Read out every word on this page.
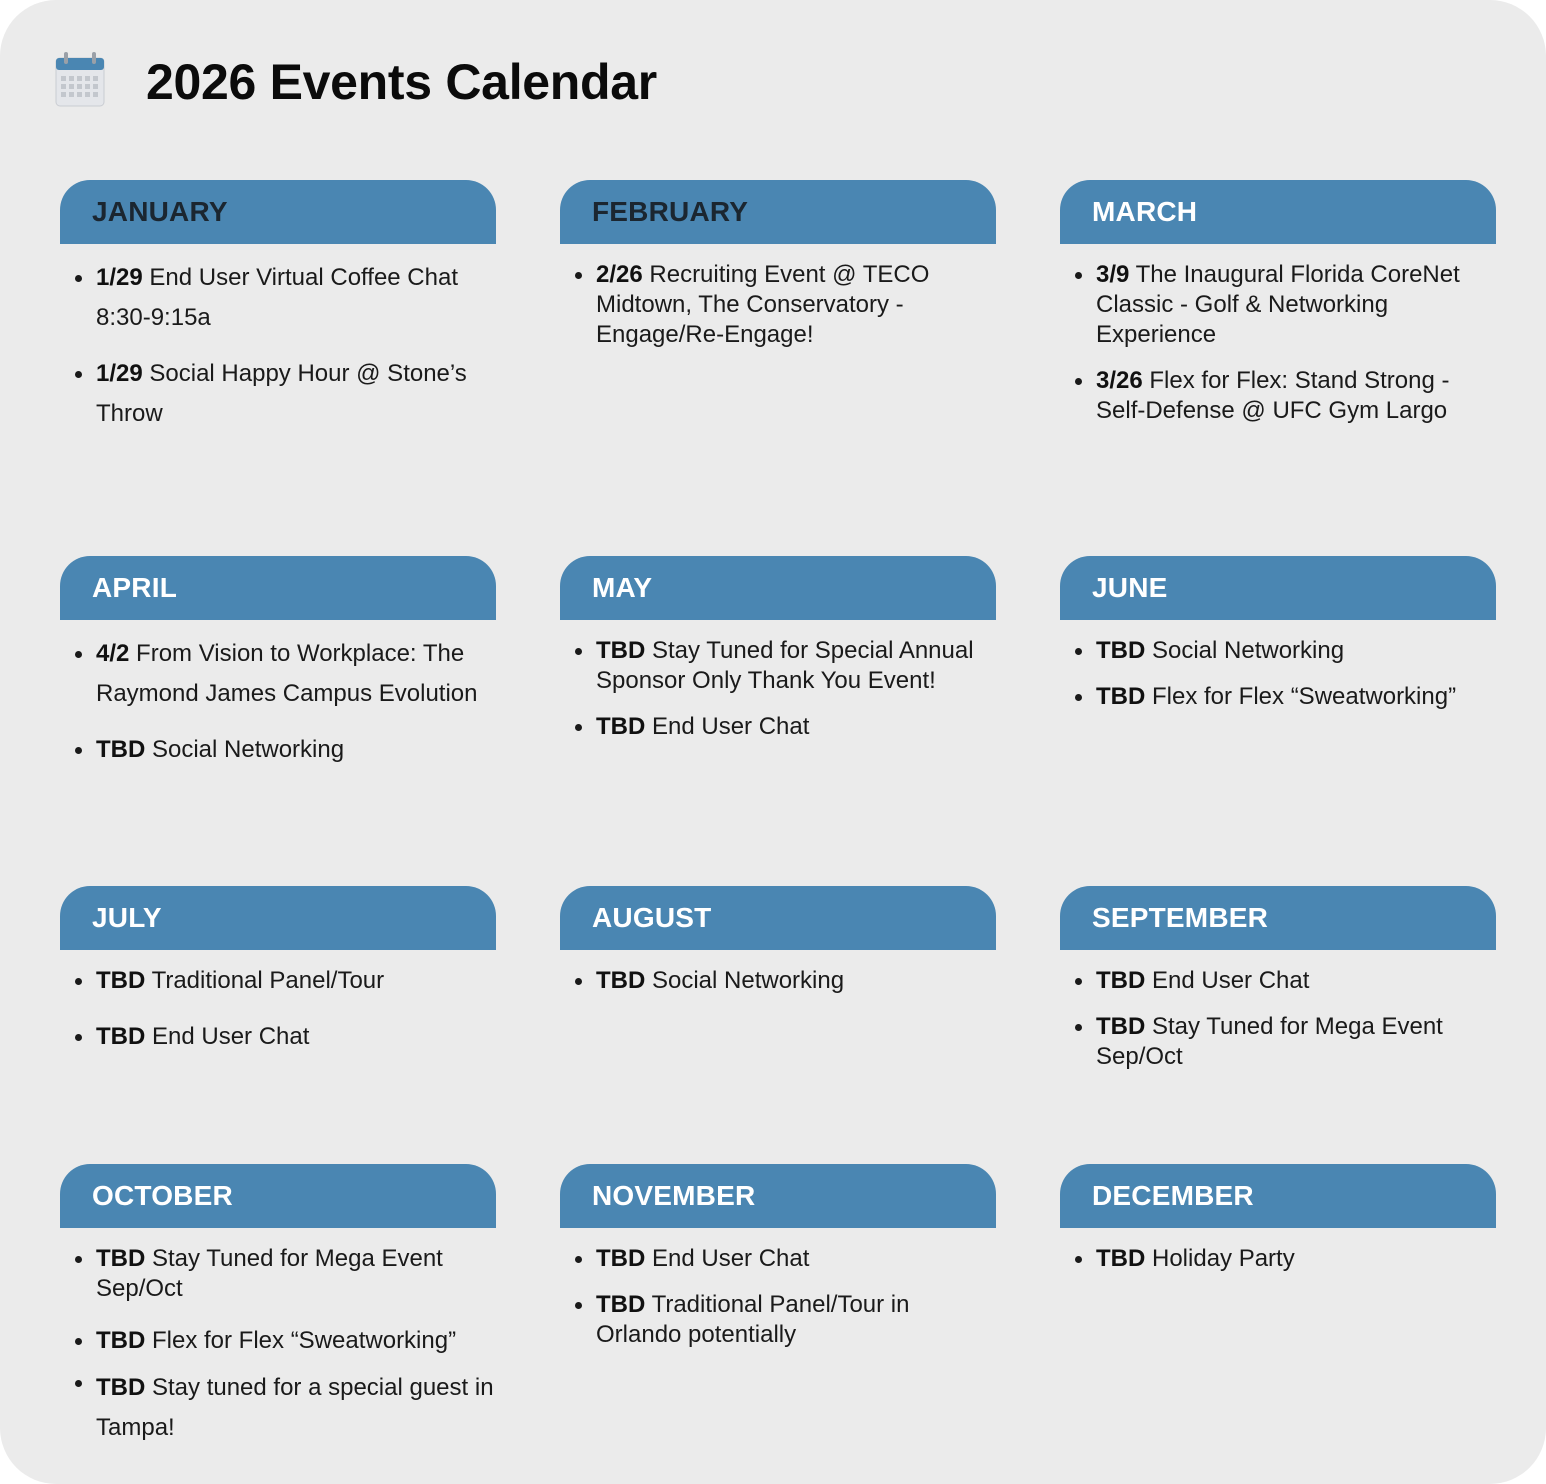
2026 Events Calendar
JANUARY
1/29 End User Virtual Coffee Chat 8:30-9:15a
1/29 Social Happy Hour @ Stone’s Throw
FEBRUARY
2/26 Recruiting Event @ TECO Midtown, The Conservatory - Engage/Re-Engage!
MARCH
3/9 The Inaugural Florida CoreNet Classic - Golf & Networking Experience
3/26 Flex for Flex: Stand Strong - Self-Defense @ UFC Gym Largo
APRIL
4/2 From Vision to Workplace: The Raymond James Campus Evolution
TBD Social Networking
MAY
TBD Stay Tuned for Special Annual Sponsor Only Thank You Event!
TBD End User Chat
JUNE
TBD Social Networking
TBD Flex for Flex “Sweatworking”
JULY
TBD Traditional Panel/Tour
TBD End User Chat
AUGUST
TBD Social Networking
SEPTEMBER
TBD End User Chat
TBD Stay Tuned for Mega Event Sep/Oct
OCTOBER
TBD Stay Tuned for Mega Event Sep/Oct
TBD Flex for Flex “Sweatworking”
TBD Stay tuned for a special guest in Tampa!
NOVEMBER
TBD End User Chat
TBD Traditional Panel/Tour in Orlando potentially
DECEMBER
TBD Holiday Party
